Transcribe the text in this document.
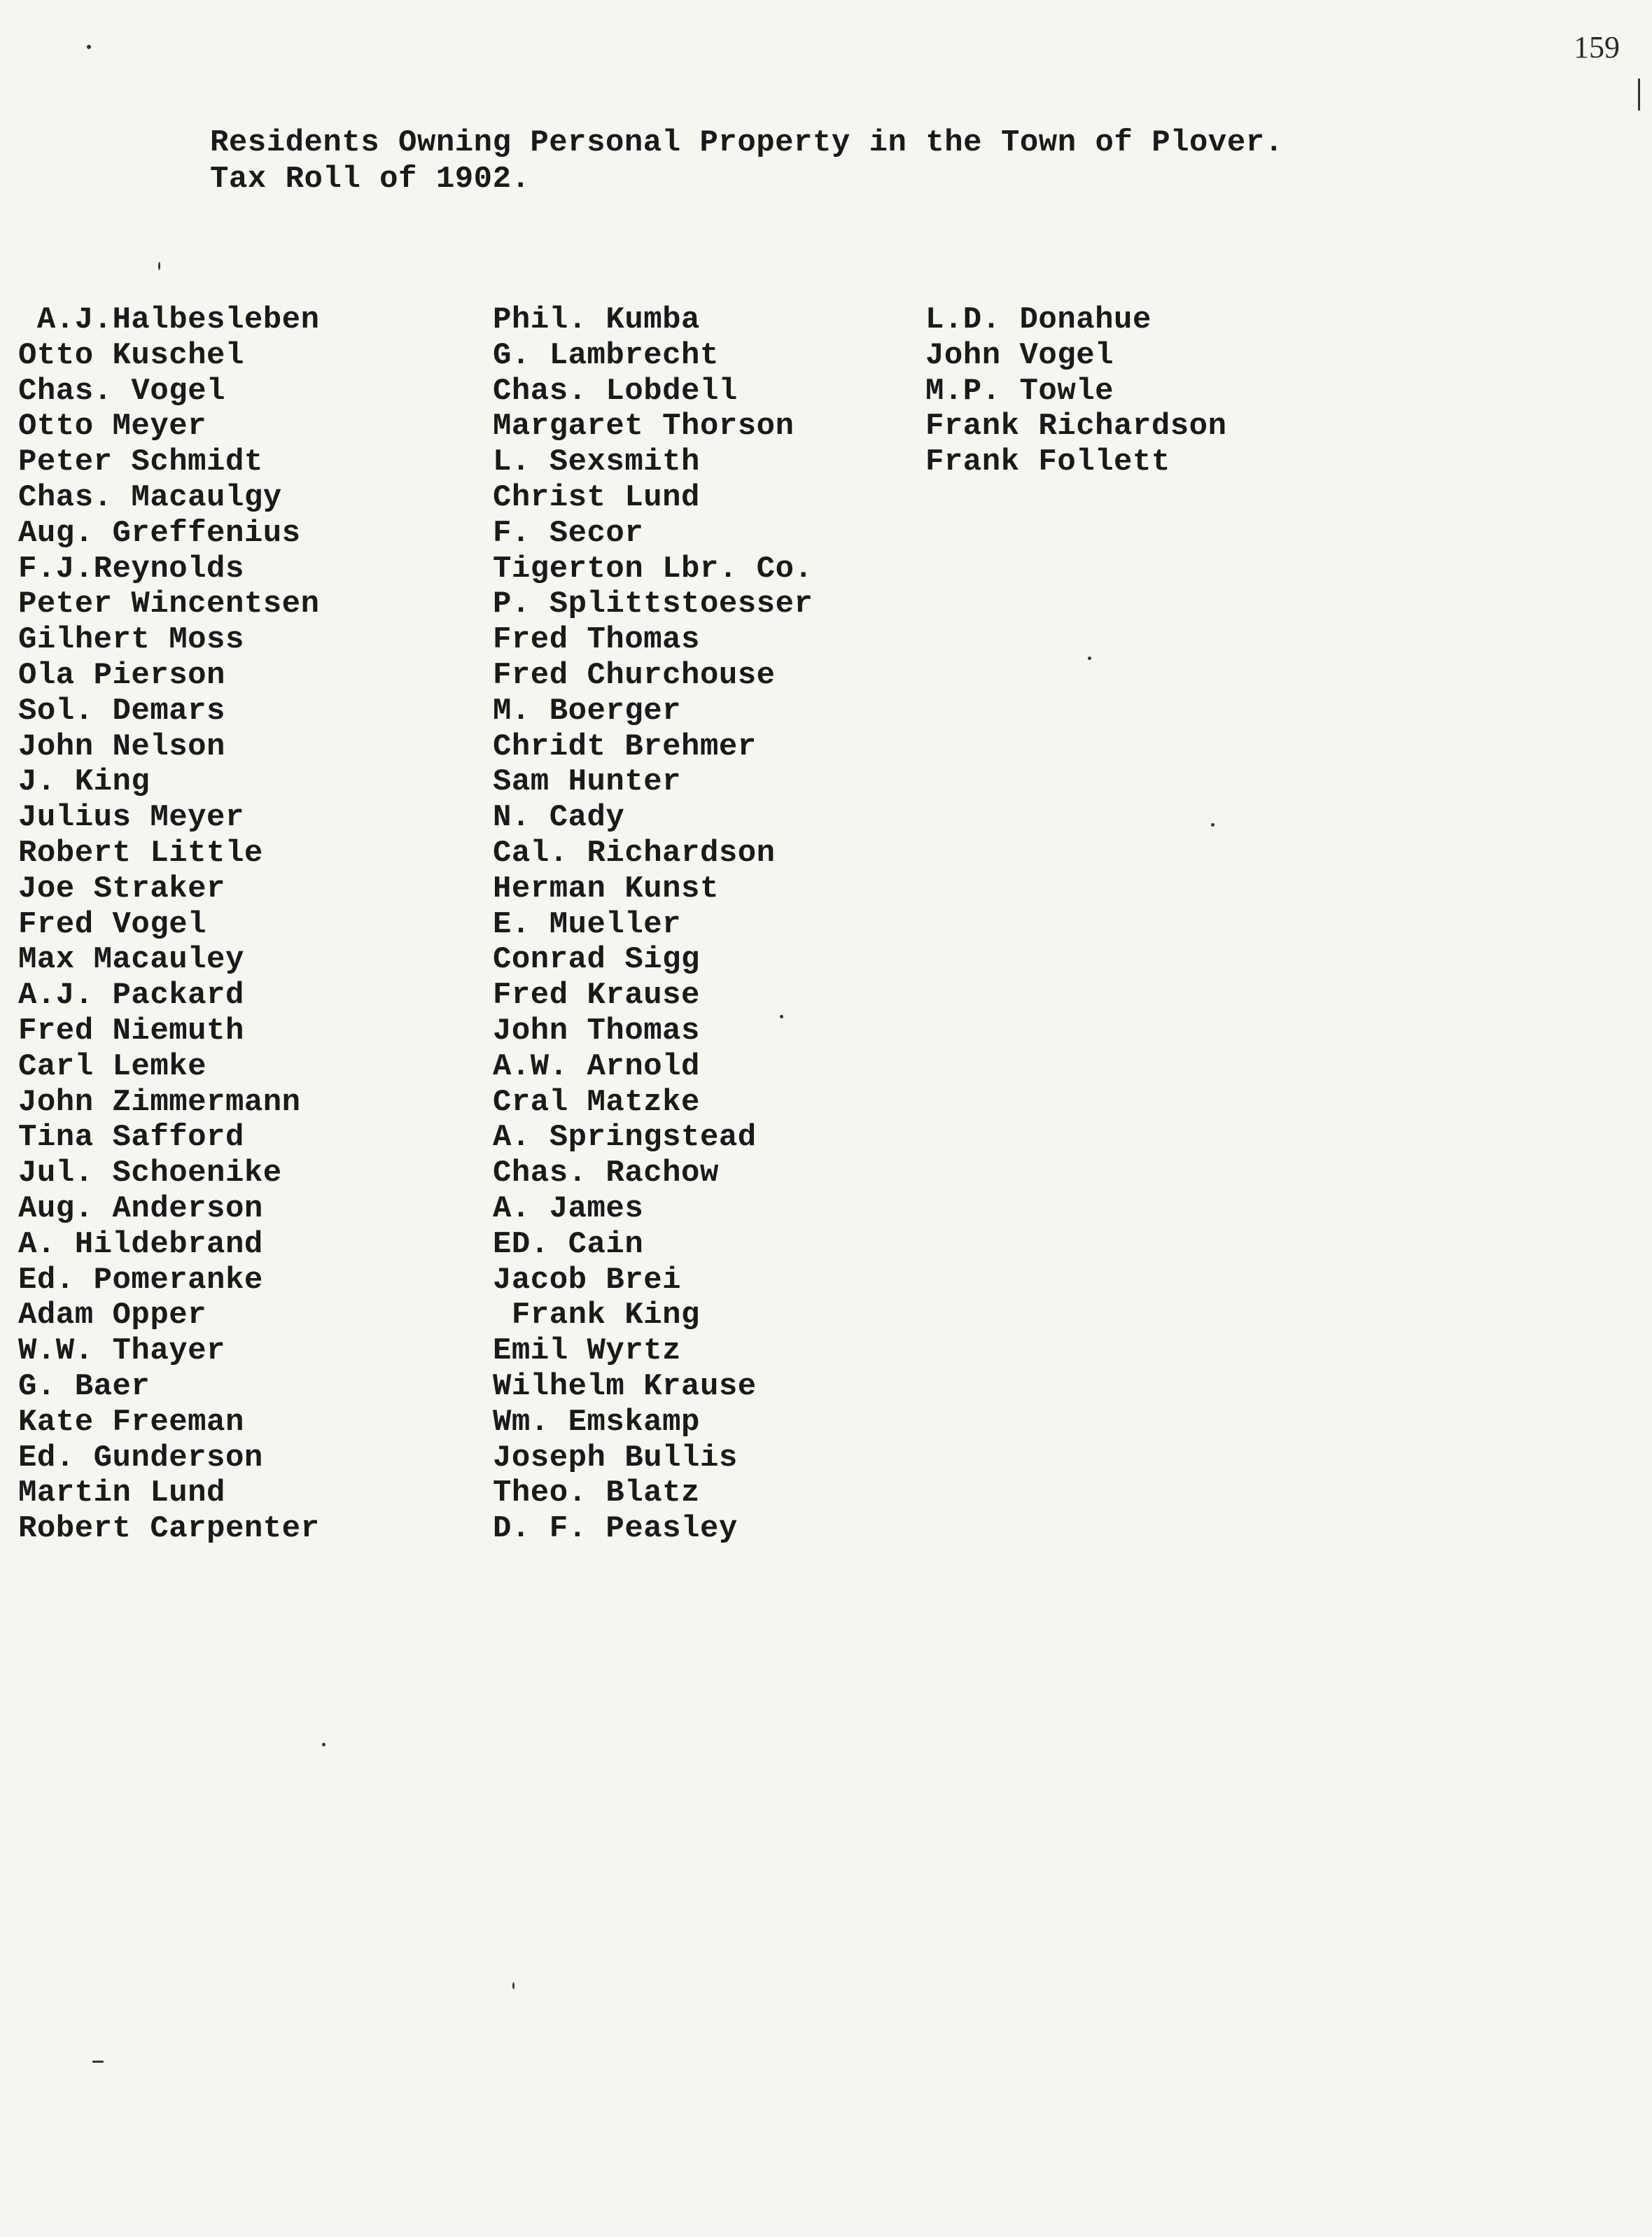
159
Residents Owning Personal Property in the Town of Plover.
Tax Roll of 1902.
A.J.Halbesleben
Otto Kuschel
Chas. Vogel
Otto Meyer
Peter Schmidt
Chas. Macaulgy
Aug. Greffenius
F.J.Reynolds
Peter Wincentsen
Gilhert Moss
Ola Pierson
Sol. Demars
John Nelson
J. King
Julius Meyer
Robert Little
Joe Straker
Fred Vogel
Max Macauley
A.J. Packard
Fred Niemuth
Carl Lemke
John Zimmermann
Tina Safford
Jul. Schoenike
Aug. Anderson
A. Hildebrand
Ed. Pomeranke
Adam Opper
W.W. Thayer
G. Baer
Kate Freeman
Ed. Gunderson
Martin Lund
Robert Carpenter
Phil. Kumba
G. Lambrecht
Chas. Lobdell
Margaret Thorson
L. Sexsmith
Christ Lund
F. Secor
Tigerton Lbr. Co.
P. Splittstoesser
Fred Thomas
Fred Churchouse
M. Boerger
Chridt Brehmer
Sam Hunter
N. Cady
Cal. Richardson
Herman Kunst
E. Mueller
Conrad Sigg
Fred Krause
John Thomas
A.W. Arnold
Cral Matzke
A. Springstead
Chas. Rachow
A. James
ED. Cain
Jacob Brei
Frank King
Emil Wyrtz
Wilhelm Krause
Wm. Emskamp
Joseph Bullis
Theo. Blatz
D. F. Peasley
L.D. Donahue
John Vogel
M.P. Towle
Frank Richardson
Frank Follett
